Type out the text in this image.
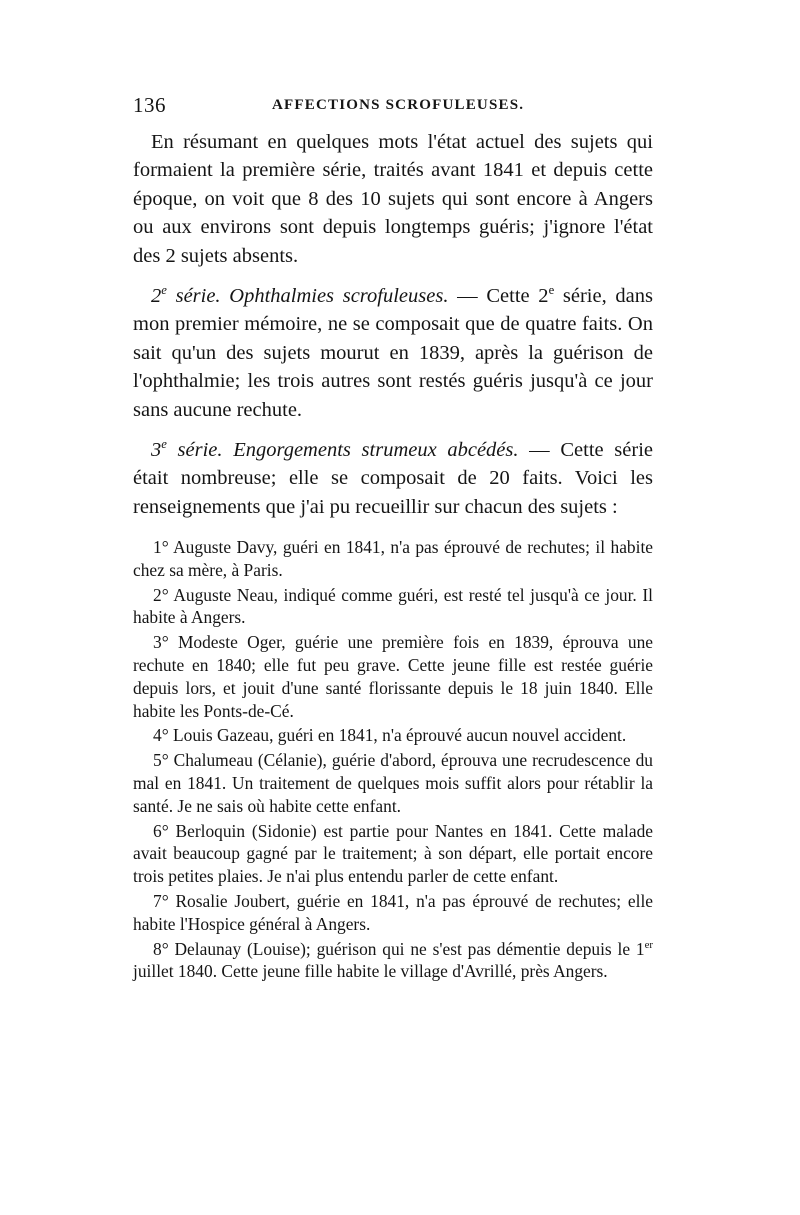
136	AFFECTIONS SCROFULEUSES.

En résumant en quelques mots l'état actuel des sujets qui formaient la première série, traités avant 1841 et depuis cette époque, on voit que 8 des 10 sujets qui sont encore à Angers ou aux environs sont depuis longtemps guéris; j'ignore l'état des 2 sujets absents.

2e série. Ophthalmies scrofuleuses. — Cette 2e série, dans mon premier mémoire, ne se composait que de quatre faits. On sait qu'un des sujets mourut en 1839, après la guérison de l'ophthalmie; les trois autres sont restés guéris jusqu'à ce jour sans aucune rechute.

3e série. Engorgements strumeux abcédés. — Cette série était nombreuse; elle se composait de 20 faits. Voici les renseignements que j'ai pu recueillir sur chacun des sujets :

1° Auguste Davy, guéri en 1841, n'a pas éprouvé de rechutes; il habite chez sa mère, à Paris.

2° Auguste Neau, indiqué comme guéri, est resté tel jusqu'à ce jour. Il habite à Angers.

3° Modeste Oger, guérie une première fois en 1839, éprouva une rechute en 1840; elle fut peu grave. Cette jeune fille est restée guérie depuis lors, et jouit d'une santé florissante depuis le 18 juin 1840. Elle habite les Ponts-de-Cé.

4° Louis Gazeau, guéri en 1841, n'a éprouvé aucun nouvel accident.

5° Chalumeau (Célanie), guérie d'abord, éprouva une recrudescence du mal en 1841. Un traitement de quelques mois suffit alors pour rétablir la santé. Je ne sais où habite cette enfant.

6° Berloquin (Sidonie) est partie pour Nantes en 1841. Cette malade avait beaucoup gagné par le traitement; à son départ, elle portait encore trois petites plaies. Je n'ai plus entendu parler de cette enfant.

7° Rosalie Joubert, guérie en 1841, n'a pas éprouvé de rechutes; elle habite l'Hospice général à Angers.

8° Delaunay (Louise); guérison qui ne s'est pas démentie depuis le 1er juillet 1840. Cette jeune fille habite le village d'Avrillé, près Angers.
